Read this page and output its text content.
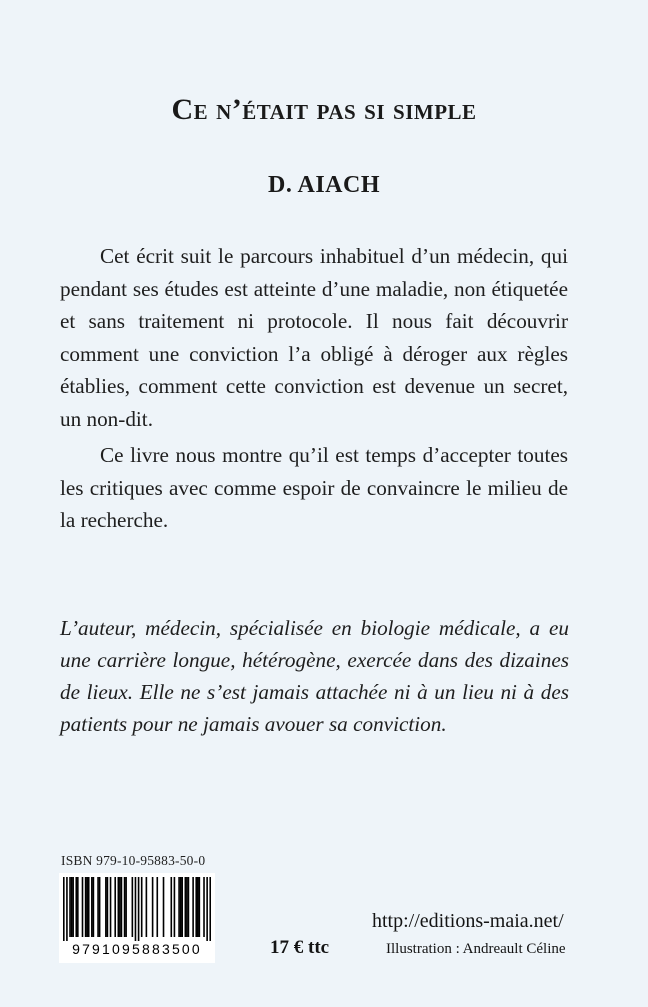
Ce n’était pas si simple
D. AIACH

Cet écrit suit le parcours inhabituel d’un médecin, qui pendant ses études est atteinte d’une maladie, non étiquetée et sans traitement ni protocole. Il nous fait découvrir comment une conviction l’a obligé à déroger aux règles établies, comment cette conviction est devenue un secret, un non-dit.

Ce livre nous montre qu’il est temps d’accepter toutes les critiques avec comme espoir de convaincre le milieu de la recherche.

L’auteur, médecin, spécialisée en biologie médicale, a eu une carrière longue, hétérogène, exercée dans des dizaines de lieux. Elle ne s’est jamais attachée ni à un lieu ni à des patients pour ne jamais avouer sa conviction.

ISBN 979-10-95883-50-0
9791095883500	17 € ttc
http://editions-maia.net/
Illustration : Andreault Céline
